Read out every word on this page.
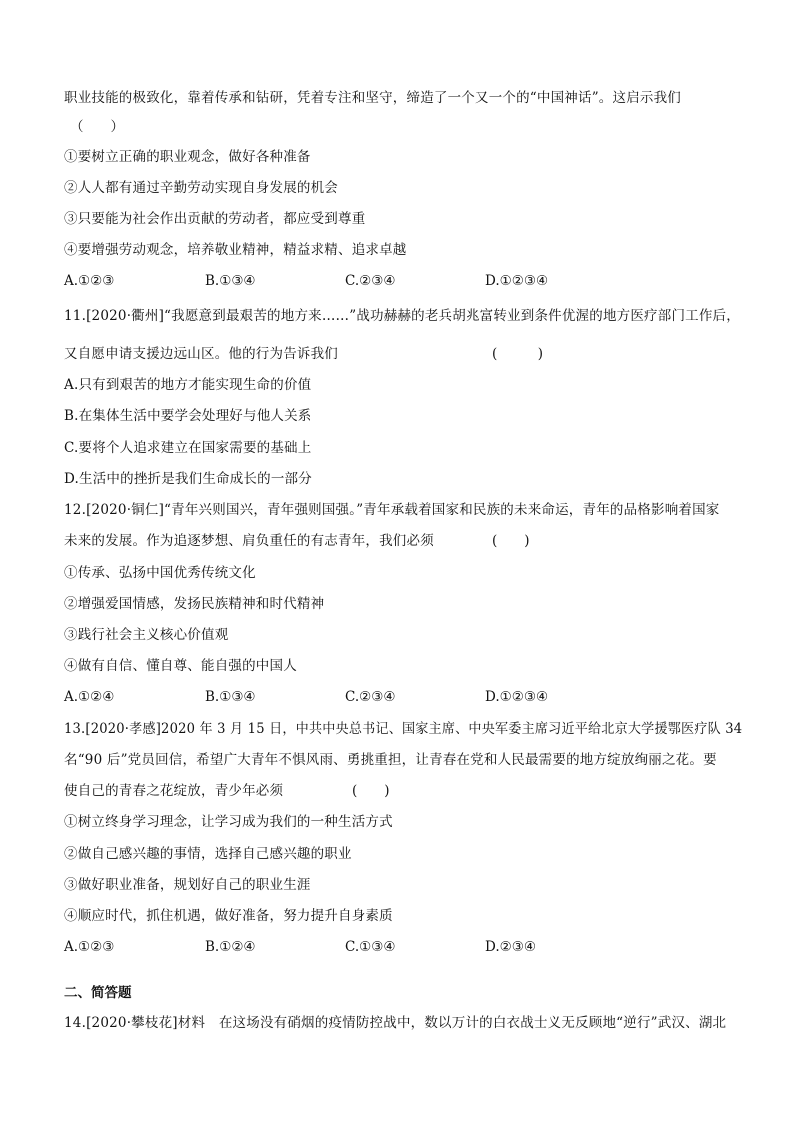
职业技能的极致化，靠着传承和钻研，凭着专注和坚守，缔造了一个又一个的“中国神话”。这启示我们
（　　）
①要树立正确的职业观念，做好各种准备
②人人都有通过辛勤劳动实现自身发展的机会
③只要能为社会作出贡献的劳动者，都应受到尊重
④要增强劳动观念，培养敬业精神，精益求精、追求卓越
A.①②③	B.①③④	C.②③④	D.①②③④
11.[2020·衢州]“我愿意到最艰苦的地方来……”战功赫赫的老兵胡兆富转业到条件优渥的地方医疗部门工作后，
又自愿申请支援边远山区。他的行为告诉我们	(　　　)
A.只有到艰苦的地方才能实现生命的价值
B.在集体生活中要学会处理好与他人关系
C.要将个人追求建立在国家需要的基础上
D.生活中的挫折是我们生命成长的一部分
12.[2020·铜仁]“青年兴则国兴，青年强则国强。”青年承载着国家和民族的未来命运，青年的品格影响着国家
未来的发展。作为追逐梦想、肩负重任的有志青年，我们必须	(　　)
①传承、弘扬中国优秀传统文化
②增强爱国情感，发扬民族精神和时代精神
③践行社会主义核心价值观
④做有自信、懂自尊、能自强的中国人
A.①②④	B.①③④	C.②③④	D.①②③④
13.[2020·孝感]2020 年 3 月 15 日，中共中央总书记、国家主席、中央军委主席习近平给北京大学援鄂医疗队 34
名“90 后”党员回信，希望广大青年不惧风雨、勇挑重担，让青春在党和人民最需要的地方绽放绚丽之花。要
使自己的青春之花绽放，青少年必须	(　　)
①树立终身学习理念，让学习成为我们的一种生活方式
②做自己感兴趣的事情，选择自己感兴趣的职业
③做好职业准备，规划好自己的职业生涯
④顺应时代，抓住机遇，做好准备，努力提升自身素质
A.①②③	B.①②④	C.①③④	D.②③④
二、简答题
14.[2020·攀枝花]材料　在这场没有硝烟的疫情防控战中，数以万计的白衣战士义无反顾地“逆行”武汉、湖北
